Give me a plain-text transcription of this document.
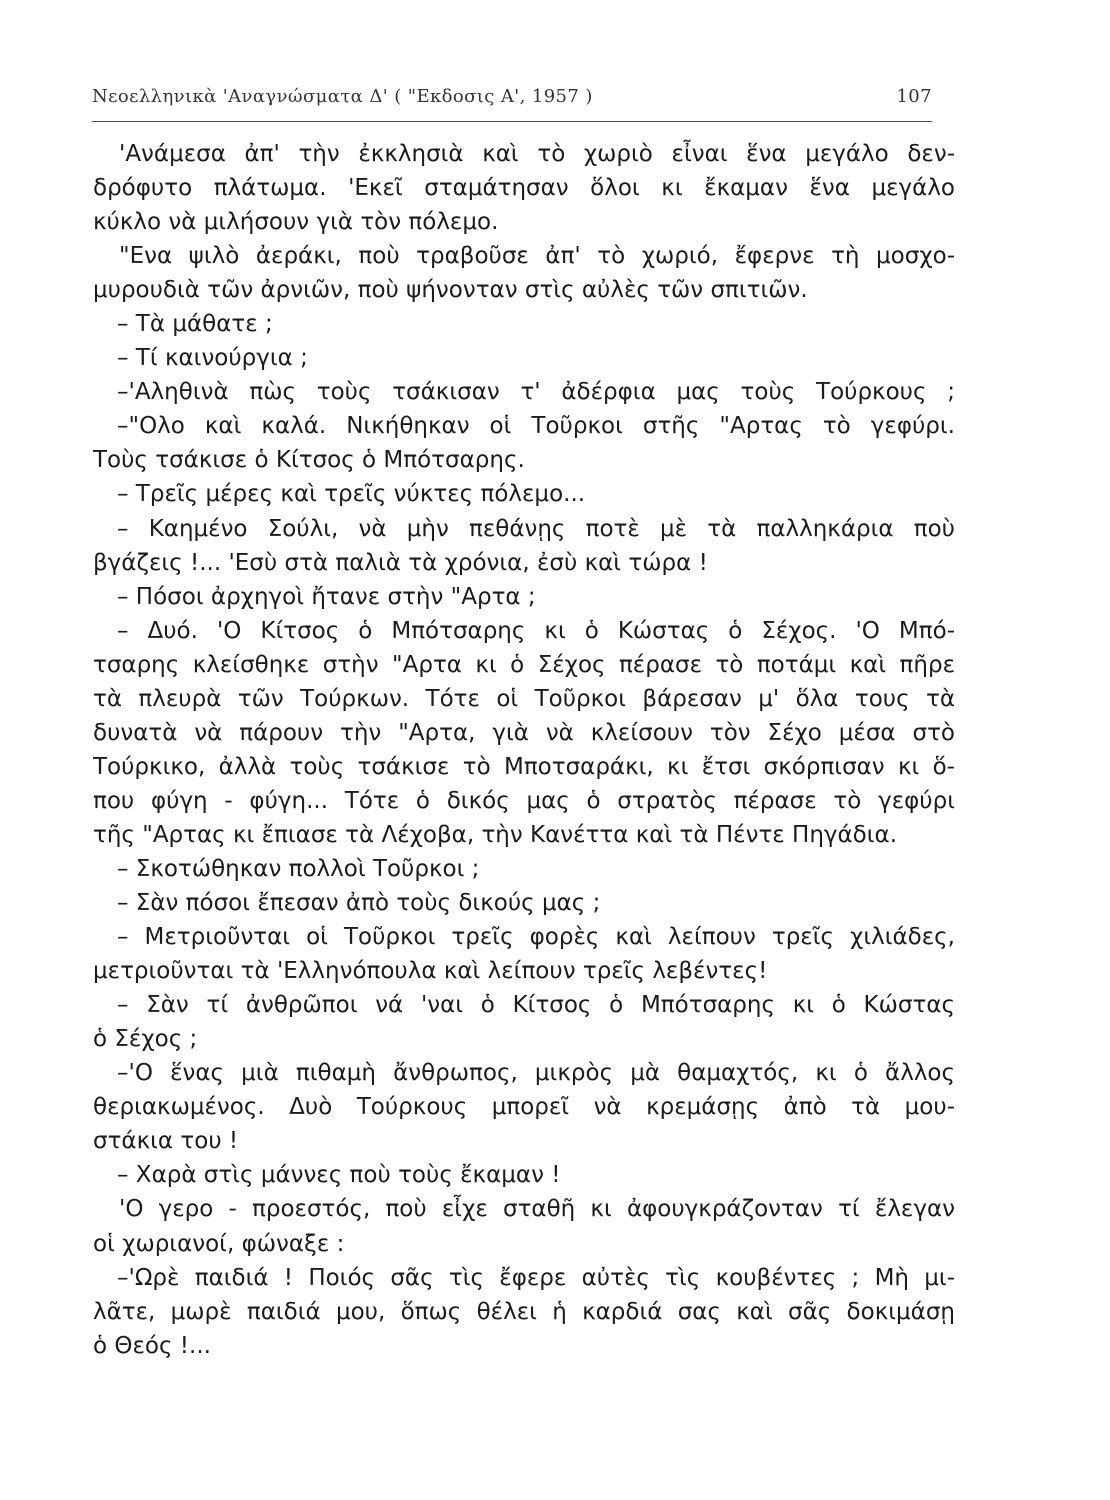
Νεοελληνικὰ 'Αναγνώσματα Δ' ( "Εκδοσις Α', 1957 )	107
'Ανάμεσα ἀπ' τὴν ἐκκλησιὰ καὶ τὸ χωριὸ εἶναι ἕνα μεγάλο δεν-
δρόφυτο πλάτωμα. 'Εκεῖ σταμάτησαν ὅλοι κι ἔκαμαν ἕνα μεγάλο
κύκλο νὰ μιλήσουν γιὰ τὸν πόλεμο.
"Ενα ψιλὸ ἀεράκι, ποὺ τραβοῦσε ἀπ' τὸ χωριό, ἔφερνε τὴ μοσχο-
μυρουδιὰ τῶν ἀρνιῶν, ποὺ ψήνονταν στὶς αὐλὲς τῶν σπιτιῶν.
– Τὰ μάθατε ;
– Τί καινούργια ;
–'Αληθινὰ πὼς τοὺς τσάκισαν τ' ἀδέρφια μας τοὺς Τούρκους ;
–"Ολο καὶ καλά. Νικήθηκαν οἱ Τοῦρκοι στῆς "Αρτας τὸ γεφύρι.
Τοὺς τσάκισε ὁ Κίτσος ὁ Μπότσαρης.
– Τρεῖς μέρες καὶ τρεῖς νύκτες πόλεμο...
– Καημένο Σούλι, νὰ μὴν πεθάνῃς ποτὲ μὲ τὰ παλληκάρια ποὺ
βγάζεις !... 'Εσὺ στὰ παλιὰ τὰ χρόνια, ἐσὺ καὶ τώρα !
– Πόσοι ἀρχηγοὶ ἤτανε στὴν "Αρτα ;
– Δυό. 'Ο Κίτσος ὁ Μπότσαρης κι ὁ Κώστας ὁ Σέχος. 'Ο Μπό-
τσαρης κλείσθηκε στὴν "Αρτα κι ὁ Σέχος πέρασε τὸ ποτάμι καὶ πῆρε
τὰ πλευρὰ τῶν Τούρκων. Τότε οἱ Τοῦρκοι βάρεσαν μ' ὅλα τους τὰ
δυνατὰ νὰ πάρουν τὴν "Αρτα, γιὰ νὰ κλείσουν τὸν Σέχο μέσα στὸ
Τούρκικο, ἀλλὰ τοὺς τσάκισε τὸ Μποτσαράκι, κι ἔτσι σκόρπισαν κι ὅ-
που φύγη - φύγη... Τότε ὁ δικός μας ὁ στρατὸς πέρασε τὸ γεφύρι
τῆς "Αρτας κι ἔπιασε τὰ Λέχοβα, τὴν Κανέττα καὶ τὰ Πέντε Πηγάδια.
– Σκοτώθηκαν πολλοὶ Τοῦρκοι ;
– Σὰν πόσοι ἔπεσαν ἀπὸ τοὺς δικούς μας ;
– Μετριοῦνται οἱ Τοῦρκοι τρεῖς φορὲς καὶ λείπουν τρεῖς χιλιάδες,
μετριοῦνται τὰ 'Ελληνόπουλα καὶ λείπουν τρεῖς λεβέντες!
– Σὰν τί ἀνθρῶποι νά 'ναι ὁ Κίτσος ὁ Μπότσαρης κι ὁ Κώστας
ὁ Σέχος ;
–'Ο ἕνας μιὰ πιθαμὴ ἄνθρωπος, μικρὸς μὰ θαμαχτός, κι ὁ ἄλλος
θεριακωμένος. Δυὸ Τούρκους μπορεῖ νὰ κρεμάσῃς ἀπὸ τὰ μου-
στάκια του !
– Χαρὰ στὶς μάννες ποὺ τοὺς ἔκαμαν !
'Ο γερο - προεστός, ποὺ εἶχε σταθῆ κι ἀφουγκράζονταν τί ἔλεγαν
οἱ χωριανοί, φώναξε :
–'Ωρὲ παιδιά ! Ποιός σᾶς τὶς ἔφερε αὐτὲς τὶς κουβέντες ; Μὴ μι-
λᾶτε, μωρὲ παιδιά μου, ὅπως θέλει ἡ καρδιά σας καὶ σᾶς δοκιμάσῃ
ὁ Θεός !...
